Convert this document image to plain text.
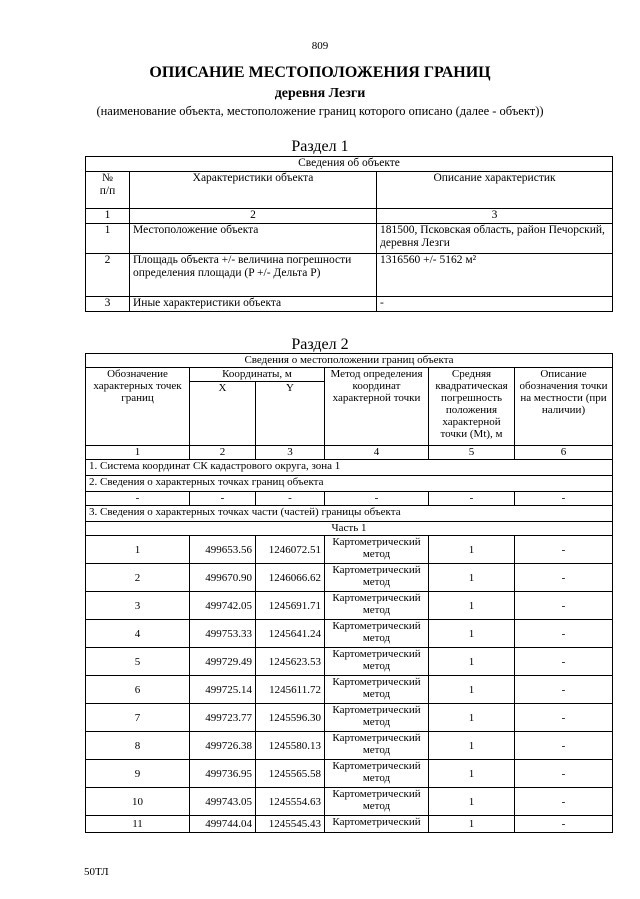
809
ОПИСАНИЕ МЕСТОПОЛОЖЕНИЯ ГРАНИЦ
деревня Лезги
(наименование объекта, местоположение границ которого описано (далее - объект))
Раздел 1
Сведения об объекте		
№
п/п	Характеристики объекта	Описание характеристик
1	2	3
1	Местоположение объекта	181500, Псковская область, район Печорский, деревня Лезги
2	Площадь объекта +/- величина погрешности определения площади (P +/- Дельта P)	1316560 +/- 5162 м²
3	Иные характеристики объекта	-
Раздел 2
Сведения о местоположении границ объекта					
Обозначение характерных точек границ	Координаты, м		Метод определения координат характерной точки	Средняя квадратическая погрешность положения характерной точки (Mt), м	Описание обозначения точки на местности (при наличии)
	X	Y			
1	2	3	4	5	6
1. Система координат СК кадастрового округа, зона 1					
2. Сведения о характерных точках границ объекта					
-	-	-	-	-	-
3. Сведения о характерных точках части (частей) границы объекта					
Часть 1					
1	499653.56	1246072.51	Картометрический метод	1	-
2	499670.90	1246066.62	Картометрический метод	1	-
3	499742.05	1245691.71	Картометрический метод	1	-
4	499753.33	1245641.24	Картометрический метод	1	-
5	499729.49	1245623.53	Картометрический метод	1	-
6	499725.14	1245611.72	Картометрический метод	1	-
7	499723.77	1245596.30	Картометрический метод	1	-
8	499726.38	1245580.13	Картометрический метод	1	-
9	499736.95	1245565.58	Картометрический метод	1	-
10	499743.05	1245554.63	Картометрический метод	1	-
11	499744.04	1245545.43	Картометрический	1	-
50ТЛ
